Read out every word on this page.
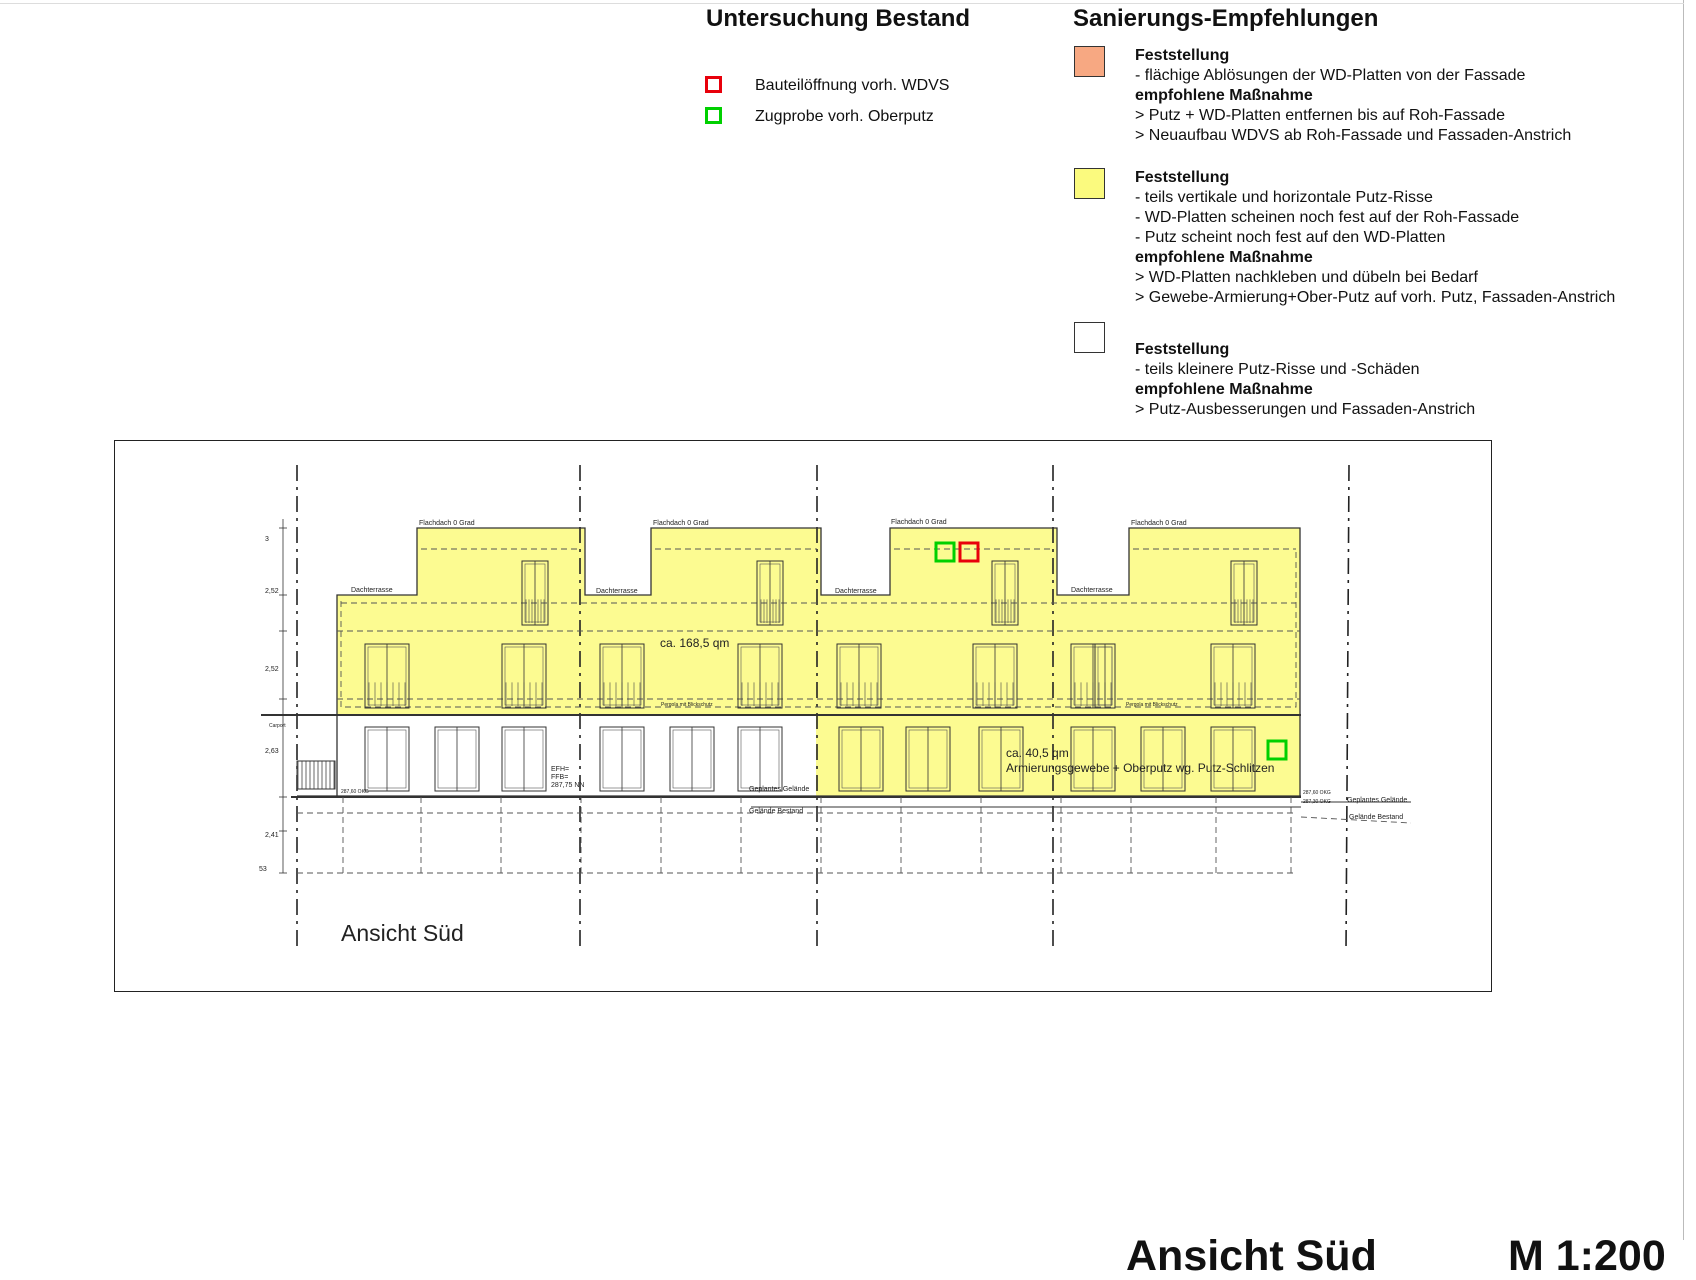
Untersuchung Bestand	Sanierungs-Empfehlungen
Bauteilöffnung vorh. WDVS
Zugprobe vorh. Oberputz
Feststellung
- flächige Ablösungen der WD-Platten von der Fassade
empfohlene Maßnahme
> Putz + WD-Platten entfernen bis auf Roh-Fassade
> Neuaufbau WDVS ab Roh-Fassade und Fassaden-Anstrich
Feststellung
- teils vertikale und horizontale Putz-Risse
- WD-Platten scheinen noch fest auf der Roh-Fassade
- Putz scheint noch fest auf den WD-Platten
empfohlene Maßnahme
> WD-Platten nachkleben und dübeln bei Bedarf
> Gewebe-Armierung+Ober-Putz auf vorh. Putz, Fassaden-Anstrich
Feststellung
- teils kleinere Putz-Risse und -Schäden
empfohlene Maßnahme
> Putz-Ausbesserungen und Fassaden-Anstrich
3
2,52
2,52
2,63
2,41
53
Flachdach 0 Grad	Flachdach 0 Grad	Flachdach 0 Grad	Flachdach 0 Grad
Dachterrasse	Dachterrasse	Dachterrasse	Dachterrasse
Pergola mit Blickschutz	Pergola mit Blickschutz
Carport
EFH=
FFB=
287,75 NN
287,60 OKG	287,60 OKG
287,30 OKG
Geplantes Gelände
Gelände Bestand
Geplantes Gelände
Gelände Bestand
ca. 168,5 qm
ca. 40,5 qm
Armierungsgewebe + Oberputz wg. Putz-Schlitzen
Ansicht Süd
Ansicht Süd	M 1:200
